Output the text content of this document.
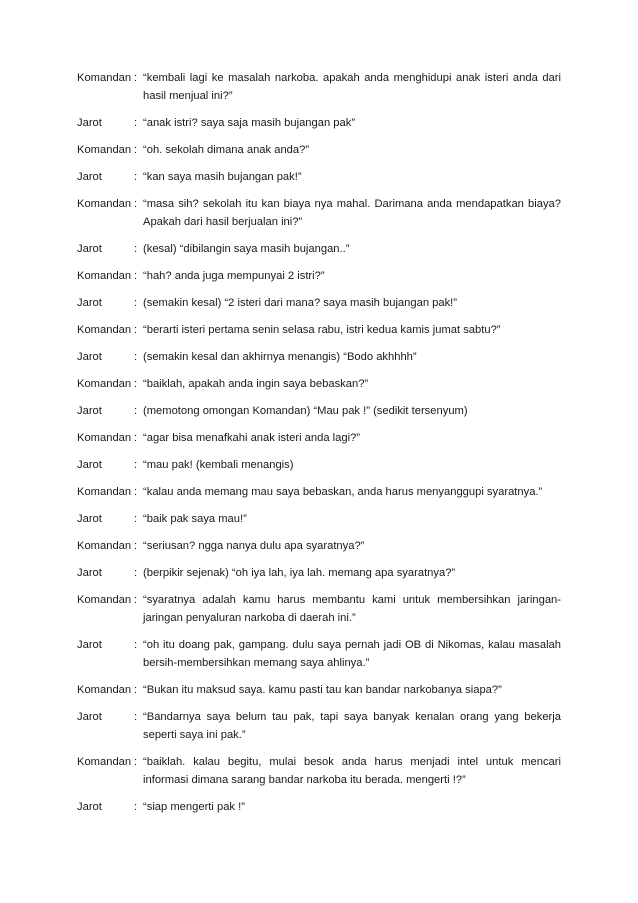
Komandan : “kembali lagi ke masalah narkoba. apakah anda menghidupi anak isteri anda dari hasil menjual ini?”
Jarot	: “anak istri? saya saja masih bujangan pak”
Komandan : “oh. sekolah dimana anak anda?”
Jarot	: “kan saya masih bujangan pak!”
Komandan : “masa sih? sekolah itu kan biaya nya mahal. Darimana anda mendapatkan biaya? Apakah dari hasil berjualan ini?”
Jarot	: (kesal) “dibilangin saya masih bujangan..”
Komandan : “hah? anda juga mempunyai 2 istri?”
Jarot	: (semakin kesal) “2 isteri dari mana? saya masih bujangan pak!”
Komandan : “berarti isteri pertama senin selasa rabu, istri kedua kamis jumat sabtu?”
Jarot	: (semakin kesal dan akhirnya menangis) “Bodo akhhhh”
Komandan : “baiklah, apakah anda ingin saya bebaskan?”
Jarot	: (memotong omongan Komandan) “Mau pak !” (sedikit tersenyum)
Komandan : “agar bisa menafkahi anak isteri anda lagi?”
Jarot	: “mau pak! (kembali menangis)
Komandan : “kalau anda memang mau saya bebaskan, anda harus menyanggupi syaratnya.”
Jarot	: “baik pak saya mau!”
Komandan : “seriusan? ngga nanya dulu apa syaratnya?”
Jarot	: (berpikir sejenak) “oh iya lah, iya lah. memang apa syaratnya?”
Komandan : “syaratnya adalah kamu harus membantu kami untuk membersihkan jaringan-jaringan penyaluran narkoba di daerah ini.”
Jarot	: “oh itu doang pak, gampang. dulu saya pernah jadi OB di Nikomas, kalau masalah bersih-membersihkan memang saya ahlinya.”
Komandan : “Bukan itu maksud saya. kamu pasti tau kan bandar narkobanya siapa?”
Jarot	: “Bandarnya saya belum tau pak, tapi saya banyak kenalan orang yang bekerja seperti saya ini pak.”
Komandan : “baiklah. kalau begitu, mulai besok anda harus menjadi intel untuk mencari informasi dimana sarang bandar narkoba itu berada. mengerti !?”
Jarot	: “siap mengerti pak !”
